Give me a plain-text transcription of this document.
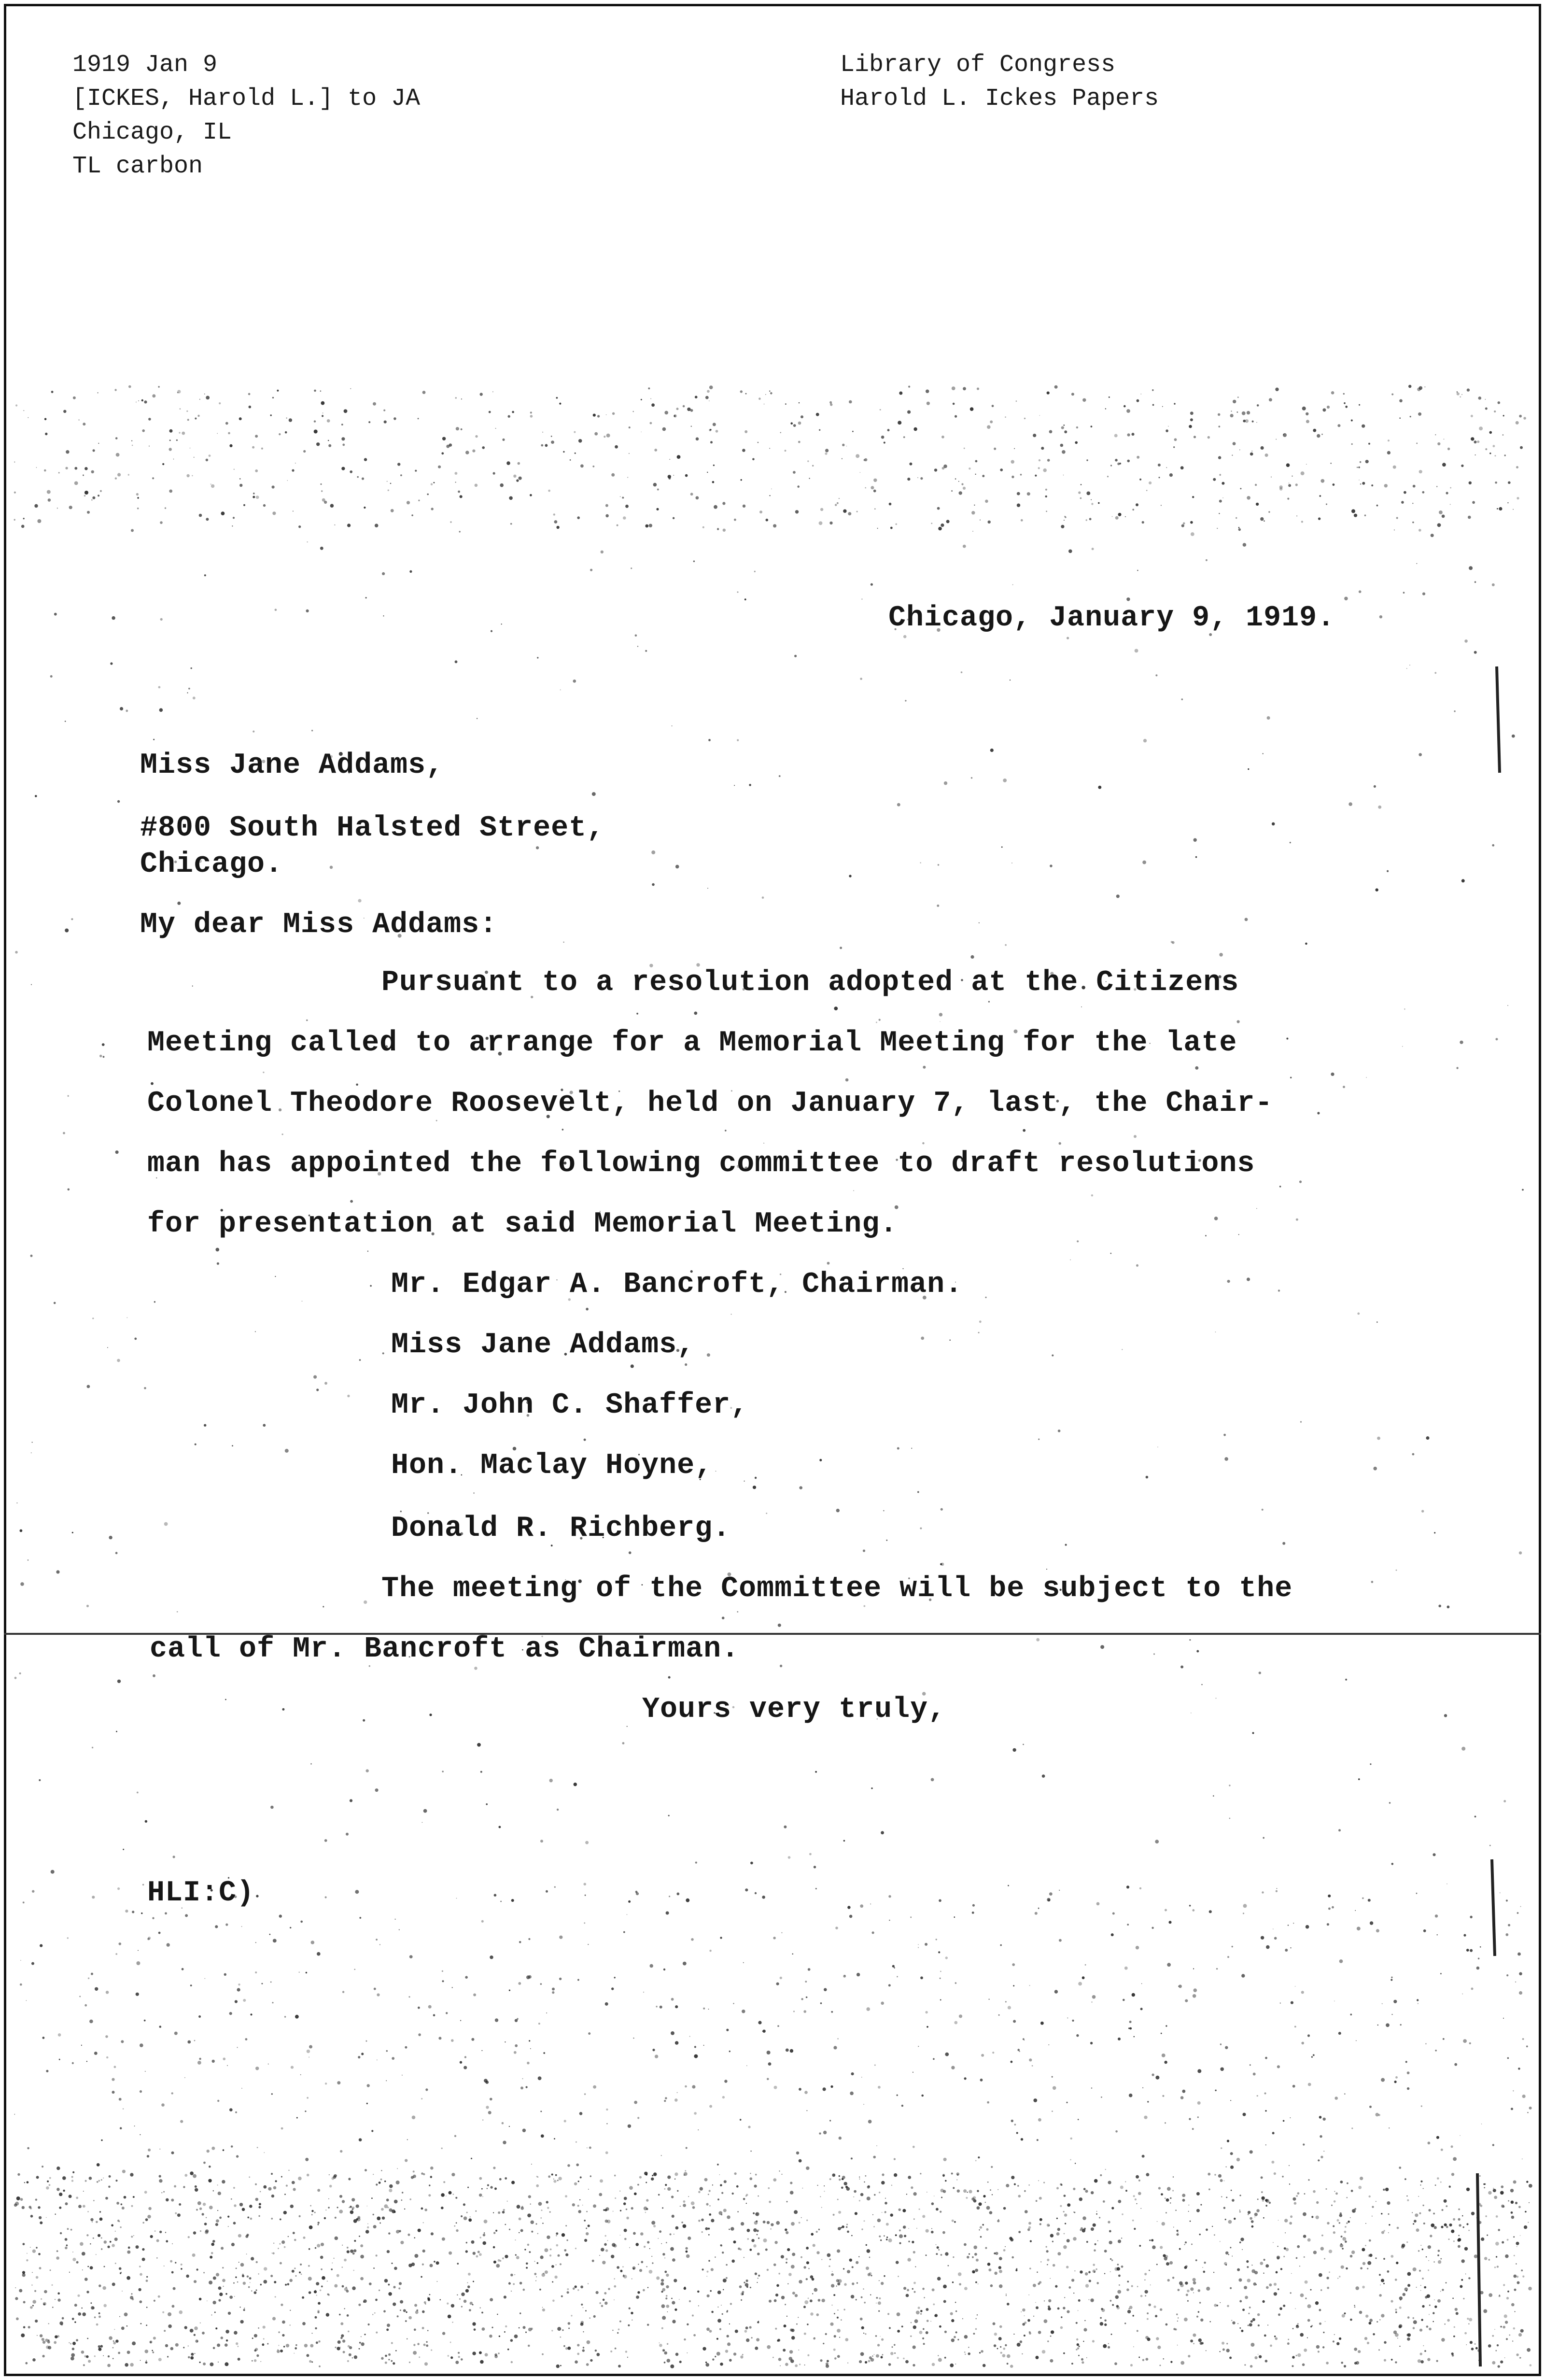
1919 Jan 9
[ICKES, Harold L.] to JA
Chicago, IL
TL carbon
Library of Congress
Harold L. Ickes Papers
Chicago, January 9, 1919.
Miss Jane Addams,
#800 South Halsted Street,
Chicago.
My dear Miss Addams:
Pursuant to a resolution adopted at the Citizens
Meeting called to arrange for a Memorial Meeting for the late
Colonel Theodore Roosevelt, held on January 7, last, the Chair-
man has appointed the following committee to draft resolutions
for presentation at said Memorial Meeting.
Mr. Edgar A. Bancroft, Chairman.
Miss Jane Addams,
Mr. John C. Shaffer,
Hon. Maclay Hoyne,
Donald R. Richberg.
The meeting of the Committee will be subject to the
call of Mr. Bancroft as Chairman.
Yours very truly,
HLI:C)
